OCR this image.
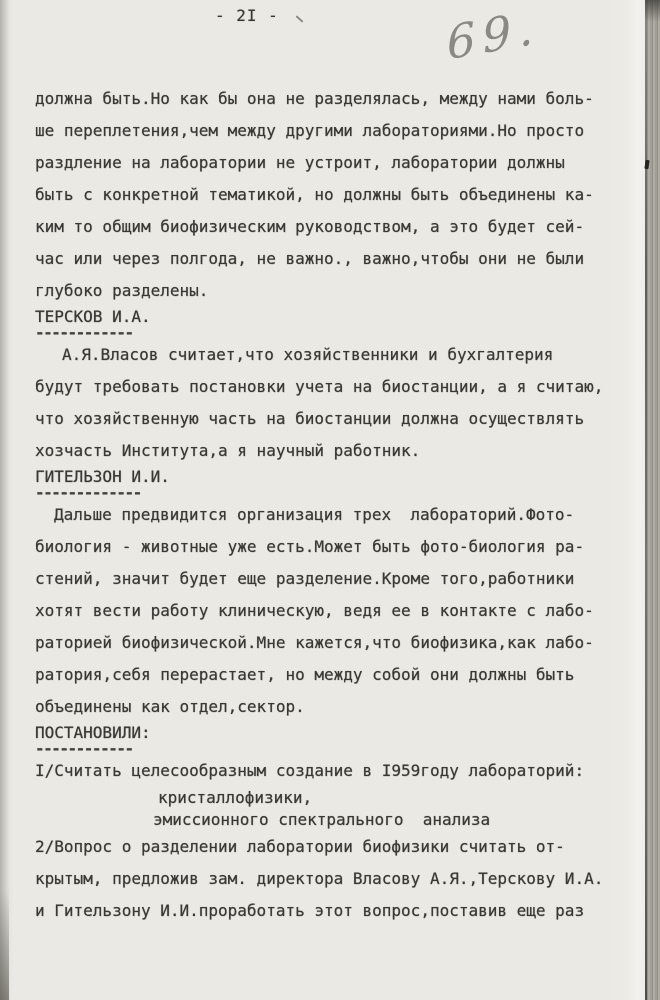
- 2I -	69.
должна быть.Но как бы она не разделялась, между нами боль-
ше переплетения,чем между другими лабораториями.Но просто
раздление на лаборатории не устроит, лаборатории должны
быть с конкретной тематикой, но должны быть объединены ка-
ким то общим биофизическим руководством, а это будет сей-
час или через полгода, не важно., важно,чтобы они не были
глубоко разделены.
ТЕРСКОВ И.А.
------------
А.Я.Власов считает,что хозяйственники и бухгалтерия
будут требовать постановки учета на биостанции, а я считаю,
что хозяйственную часть на биостанции должна осуществлять
хозчасть Института,а я научный работник.
ГИТЕЛЬЗОН И.И.
-------------
Дальше предвидится организация трех  лабораторий.Фото-
биология - животные уже есть.Может быть фото-биология ра-
стений, значит будет еще разделение.Кроме того,работники
хотят вести работу клиническую, ведя ее в контакте с лабо-
раторией биофизической.Мне кажется,что биофизика,как лабо-
ратория,себя перерастает, но между собой они должны быть
объединены как отдел,сектор.
ПОСТАНОВИЛИ:
------------
I/Считать целесообразным создание в I959году лабораторий:
кристаллофизики,
эмиссионного спектрального  анализа
2/Вопрос о разделении лаборатории биофизики считать от-
крытым, предложив зам. директора Власову А.Я.,Терскову И.А.
и Гительзону И.И.проработать этот вопрос,поставив еще раз
